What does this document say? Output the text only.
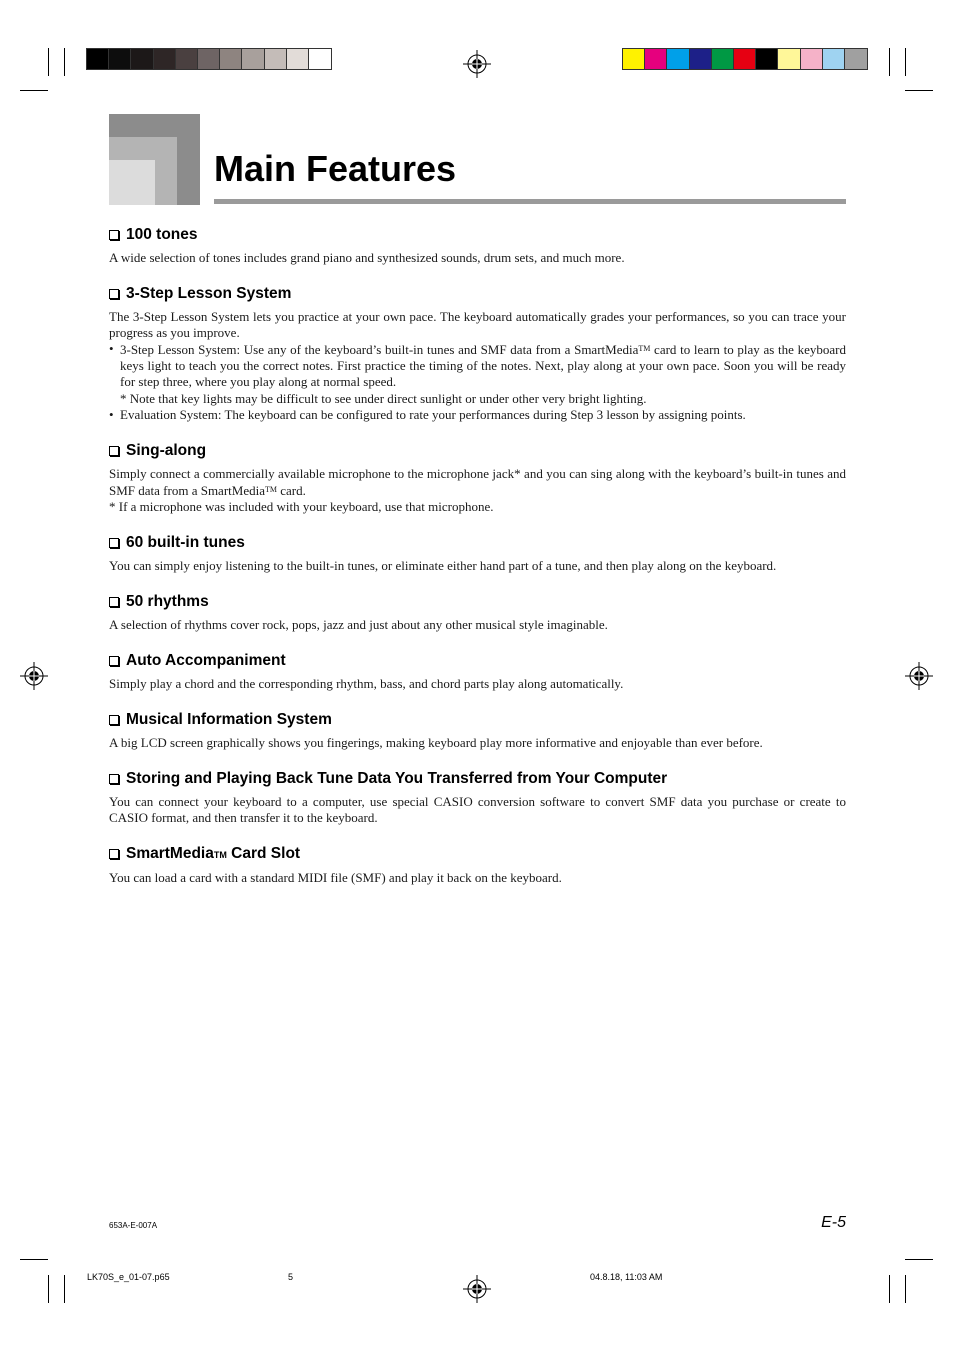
Main Features
100 tones

A wide selection of tones includes grand piano and synthesized sounds, drum sets, and much more.

3-Step Lesson System

The 3-Step Lesson System lets you practice at your own pace. The keyboard automatically grades your performances, so you can trace your progress as you improve.

• 3-Step Lesson System: Use any of the keyboard’s built-in tunes and SMF data from a SmartMedia™ card to learn to play as the keyboard keys light to teach you the correct notes. First practice the timing of the notes. Next, play along at your own pace. Soon you will be ready for step three, where you play along at normal speed.
* Note that key lights may be difficult to see under direct sunlight or under other very bright lighting.
• Evaluation System: The keyboard can be configured to rate your performances during Step 3 lesson by assigning points.
Sing-along

Simply connect a commercially available microphone to the microphone jack* and you can sing along with the keyboard’s built-in tunes and SMF data from a SmartMedia™ card.

* If a microphone was included with your keyboard, use that microphone.

60 built-in tunes

You can simply enjoy listening to the built-in tunes, or eliminate either hand part of a tune, and then play along on the keyboard.

50 rhythms

A selection of rhythms cover rock, pops, jazz and just about any other musical style imaginable.

Auto Accompaniment

Simply play a chord and the corresponding rhythm, bass, and chord parts play along automatically.

Musical Information System

A big LCD screen graphically shows you fingerings, making keyboard play more informative and enjoyable than ever before.

Storing and Playing Back Tune Data You Transferred from Your Computer

You can connect your keyboard to a computer, use special CASIO conversion software to convert SMF data you purchase or create to CASIO format, and then transfer it to the keyboard.

SmartMedia TM Card Slot

You can load a card with a standard MIDI file (SMF) and play it back on the keyboard.

653A-E-007A	E-5
LK70S_e_01-07.p65	5	04.8.18, 11:03 AM
